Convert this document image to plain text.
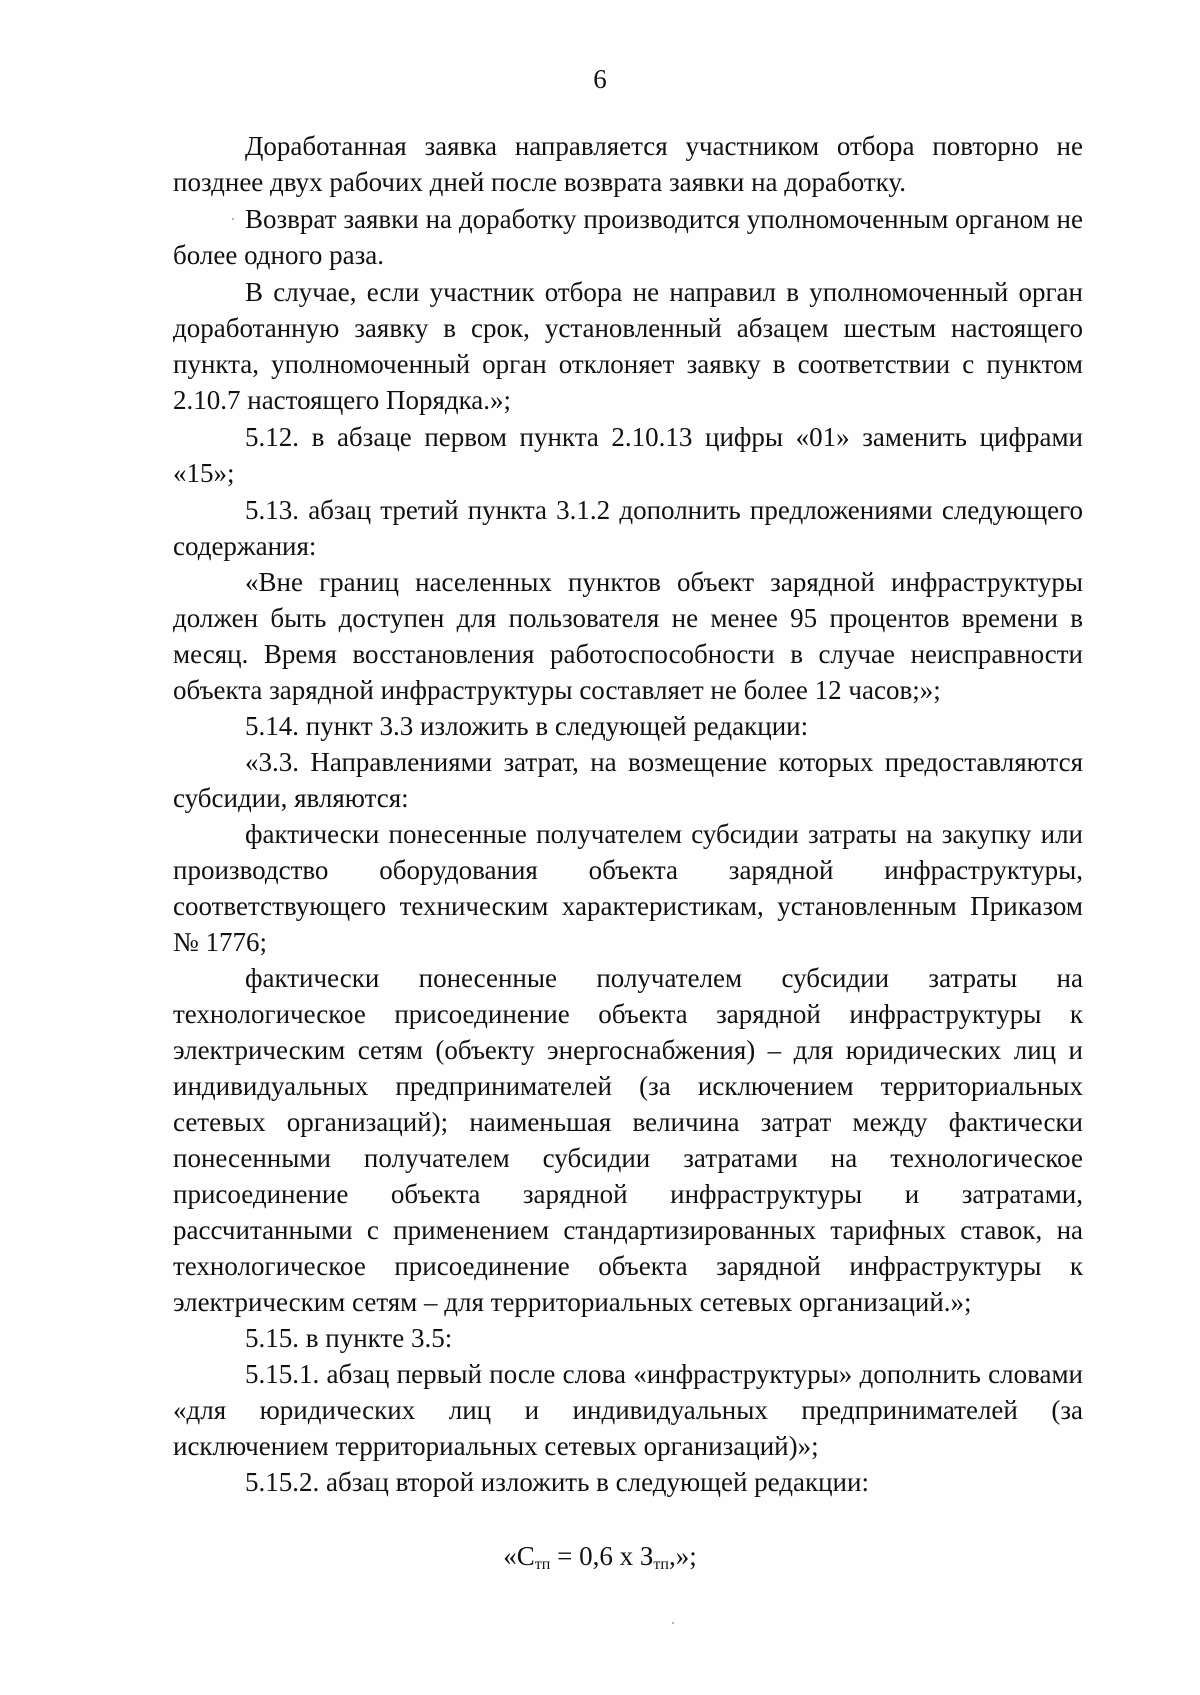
6

Доработанная заявка направляется участником отбора повторно не позднее двух рабочих дней после возврата заявки на доработку.

Возврат заявки на доработку производится уполномоченным органом не более одного раза.

В случае, если участник отбора не направил в уполномоченный орган доработанную заявку в срок, установленный абзацем шестым настоящего пункта, уполномоченный орган отклоняет заявку в соответствии с пунктом 2.10.7 настоящего Порядка.»;

5.12. в абзаце первом пункта 2.10.13 цифры «01» заменить цифрами «15»;

5.13. абзац третий пункта 3.1.2 дополнить предложениями следующего содержания:

«Вне границ населенных пунктов объект зарядной инфраструктуры должен быть доступен для пользователя не менее 95 процентов времени в месяц. Время восстановления работоспособности в случае неисправности объекта зарядной инфраструктуры составляет не более 12 часов;»;

5.14. пункт 3.3 изложить в следующей редакции:

«3.3. Направлениями затрат, на возмещение которых предоставляются субсидии, являются:

фактически понесенные получателем субсидии затраты на закупку или производство оборудования объекта зарядной инфраструктуры, соответствующего техническим характеристикам, установленным Приказом № 1776;

фактически понесенные получателем субсидии затраты на технологическое присоединение объекта зарядной инфраструктуры к электрическим сетям (объекту энергоснабжения) – для юридических лиц и индивидуальных предпринимателей (за исключением территориальных сетевых организаций); наименьшая величина затрат между фактически понесенными получателем субсидии затратами на технологическое присоединение объекта зарядной инфраструктуры и затратами, рассчитанными с применением стандартизированных тарифных ставок, на технологическое присоединение объекта зарядной инфраструктуры к электрическим сетям – для территориальных сетевых организаций.»;

5.15. в пункте 3.5:

5.15.1. абзац первый после слова «инфраструктуры» дополнить словами «для юридических лиц и индивидуальных предпринимателей (за исключением территориальных сетевых организаций)»;

5.15.2. абзац второй изложить в следующей редакции:

«$С_{тп} = 0,6$ х $З_{тп}$,»;
